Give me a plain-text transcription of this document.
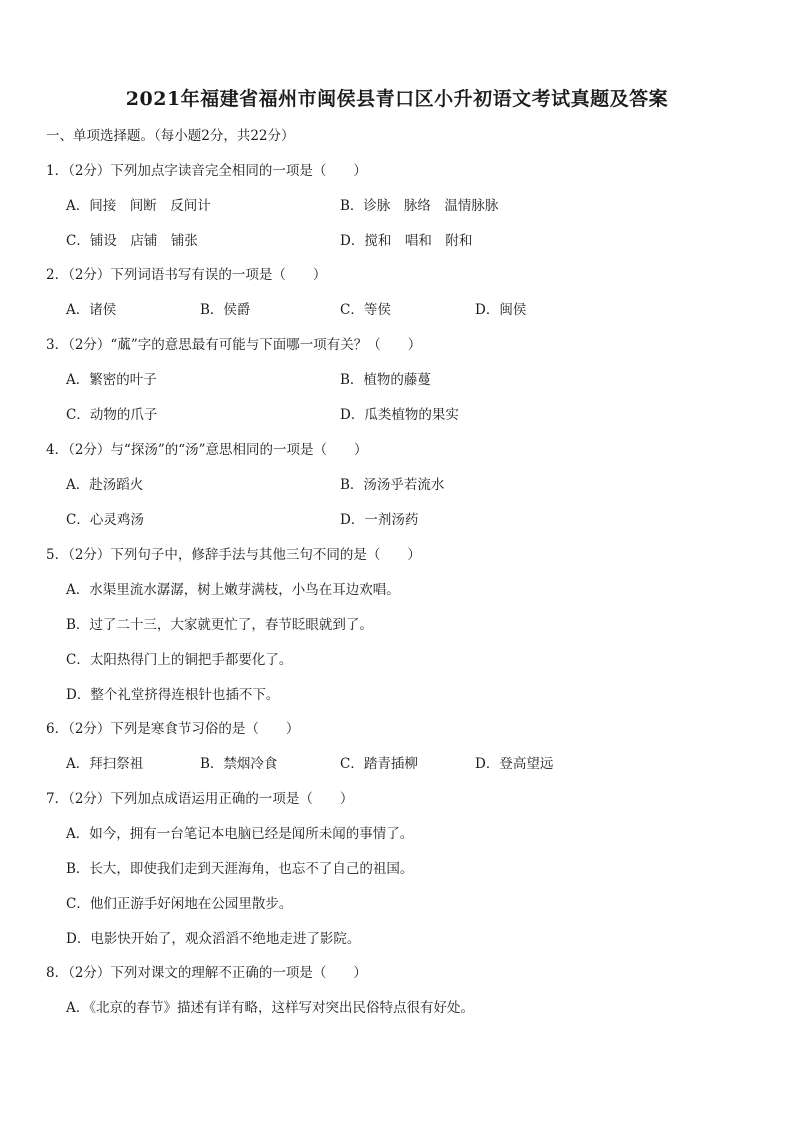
2021年福建省福州市闽侯县青口区小升初语文考试真题及答案
一、单项选择题。（每小题2分，共22分）
1．（2分）下列加点字读音完全相同的一项是（　　）
A．间接　间断　反间计	B．诊脉　脉络　温情脉脉
C．铺设　店铺　铺张	D．搅和　唱和　附和
2．（2分）下列词语书写有误的一项是（　　）
A．诸侯	B．侯爵	C．等侯	D．闽侯
3．（2分）“蓏”字的意思最有可能与下面哪一项有关？（　　）
A．繁密的叶子	B．植物的藤蔓
C．动物的爪子	D．瓜类植物的果实
4．（2分）与“探汤”的“汤”意思相同的一项是（　　）
A．赴汤蹈火	B．汤汤乎若流水
C．心灵鸡汤	D．一剂汤药
5．（2分）下列句子中，修辞手法与其他三句不同的是（　　）
A．水渠里流水潺潺，树上嫩芽满枝，小鸟在耳边欢唱。
B．过了二十三，大家就更忙了，春节眨眼就到了。
C．太阳热得门上的铜把手都要化了。
D．整个礼堂挤得连根针也插不下。
6．（2分）下列是寒食节习俗的是（　　）
A．拜扫祭祖	B．禁烟冷食	C．踏青插柳	D．登高望远
7．（2分）下列加点成语运用正确的一项是（　　）
A．如今，拥有一台笔记本电脑已经是闻所未闻的事情了。
B．长大，即使我们走到天涯海角，也忘不了自己的祖国。
C．他们正游手好闲地在公园里散步。
D．电影快开始了，观众滔滔不绝地走进了影院。
8．（2分）下列对课文的理解不正确的一项是（　　）
A．《北京的春节》描述有详有略，这样写对突出民俗特点很有好处。
